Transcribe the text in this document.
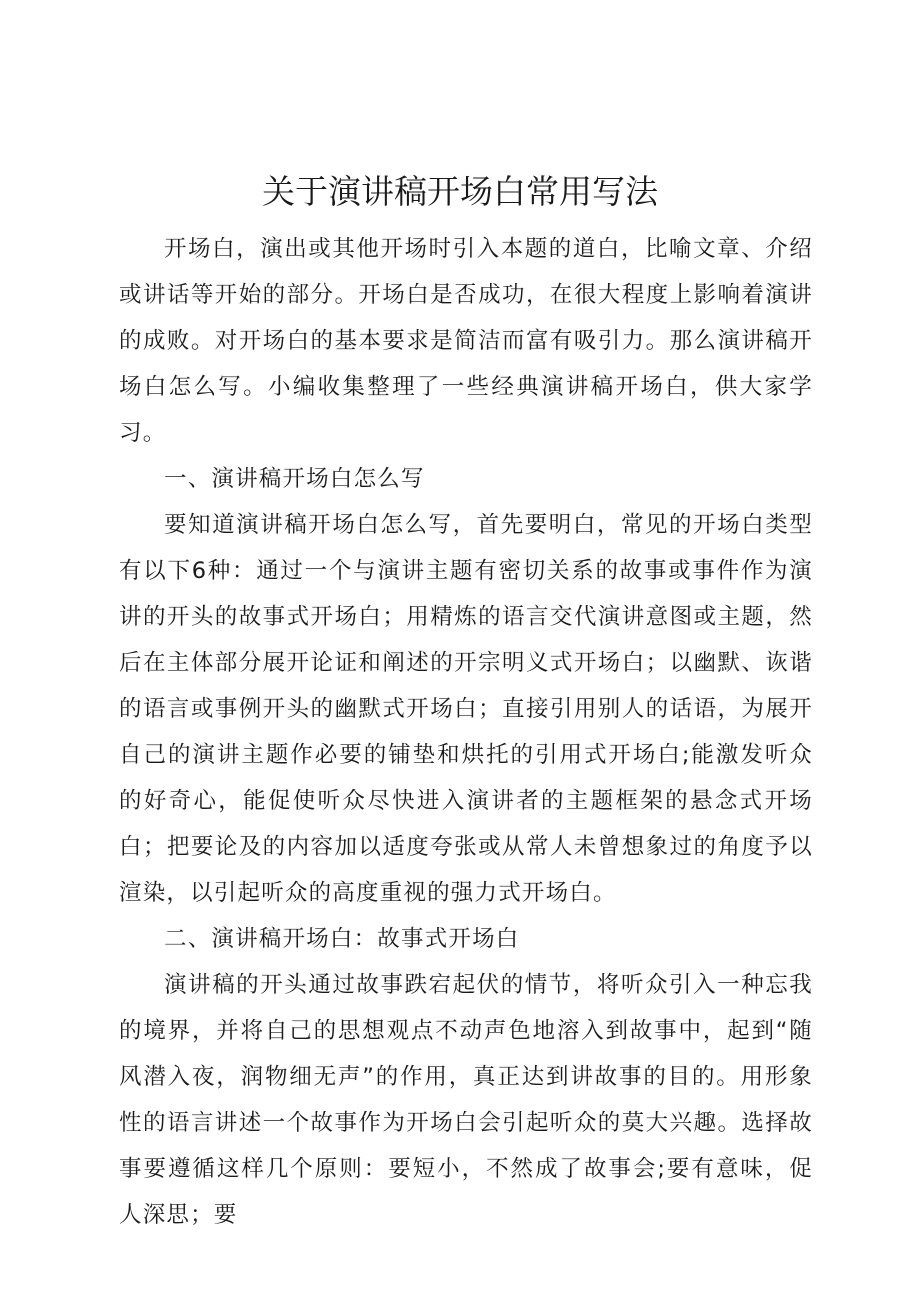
关于演讲稿开场白常用写法

开场白，演出或其他开场时引入本题的道白，比喻文章、介绍或讲话等开始的部分。开场白是否成功，在很大程度上影响着演讲的成败。对开场白的基本要求是简洁而富有吸引力。那么演讲稿开场白怎么写。小编收集整理了一些经典演讲稿开场白，供大家学习。

一、演讲稿开场白怎么写

要知道演讲稿开场白怎么写，首先要明白，常见的开场白类型有以下6种：通过一个与演讲主题有密切关系的故事或事件作为演讲的开头的故事式开场白；用精炼的语言交代演讲意图或主题，然后在主体部分展开论证和阐述的开宗明义式开场白；以幽默、诙谐的语言或事例开头的幽默式开场白；直接引用别人的话语，为展开自己的演讲主题作必要的铺垫和烘托的引用式开场白;能激发听众的好奇心，能促使听众尽快进入演讲者的主题框架的悬念式开场白；把要论及的内容加以适度夸张或从常人未曾想象过的角度予以渲染，以引起听众的高度重视的强力式开场白。

二、演讲稿开场白：故事式开场白

演讲稿的开头通过故事跌宕起伏的情节，将听众引入一种忘我的境界，并将自己的思想观点不动声色地溶入到故事中，起到“随风潜入夜，润物细无声”的作用，真正达到讲故事的目的。用形象性的语言讲述一个故事作为开场白会引起听众的莫大兴趣。选择故事要遵循这样几个原则：要短小，不然成了故事会;要有意味，促人深思；要
